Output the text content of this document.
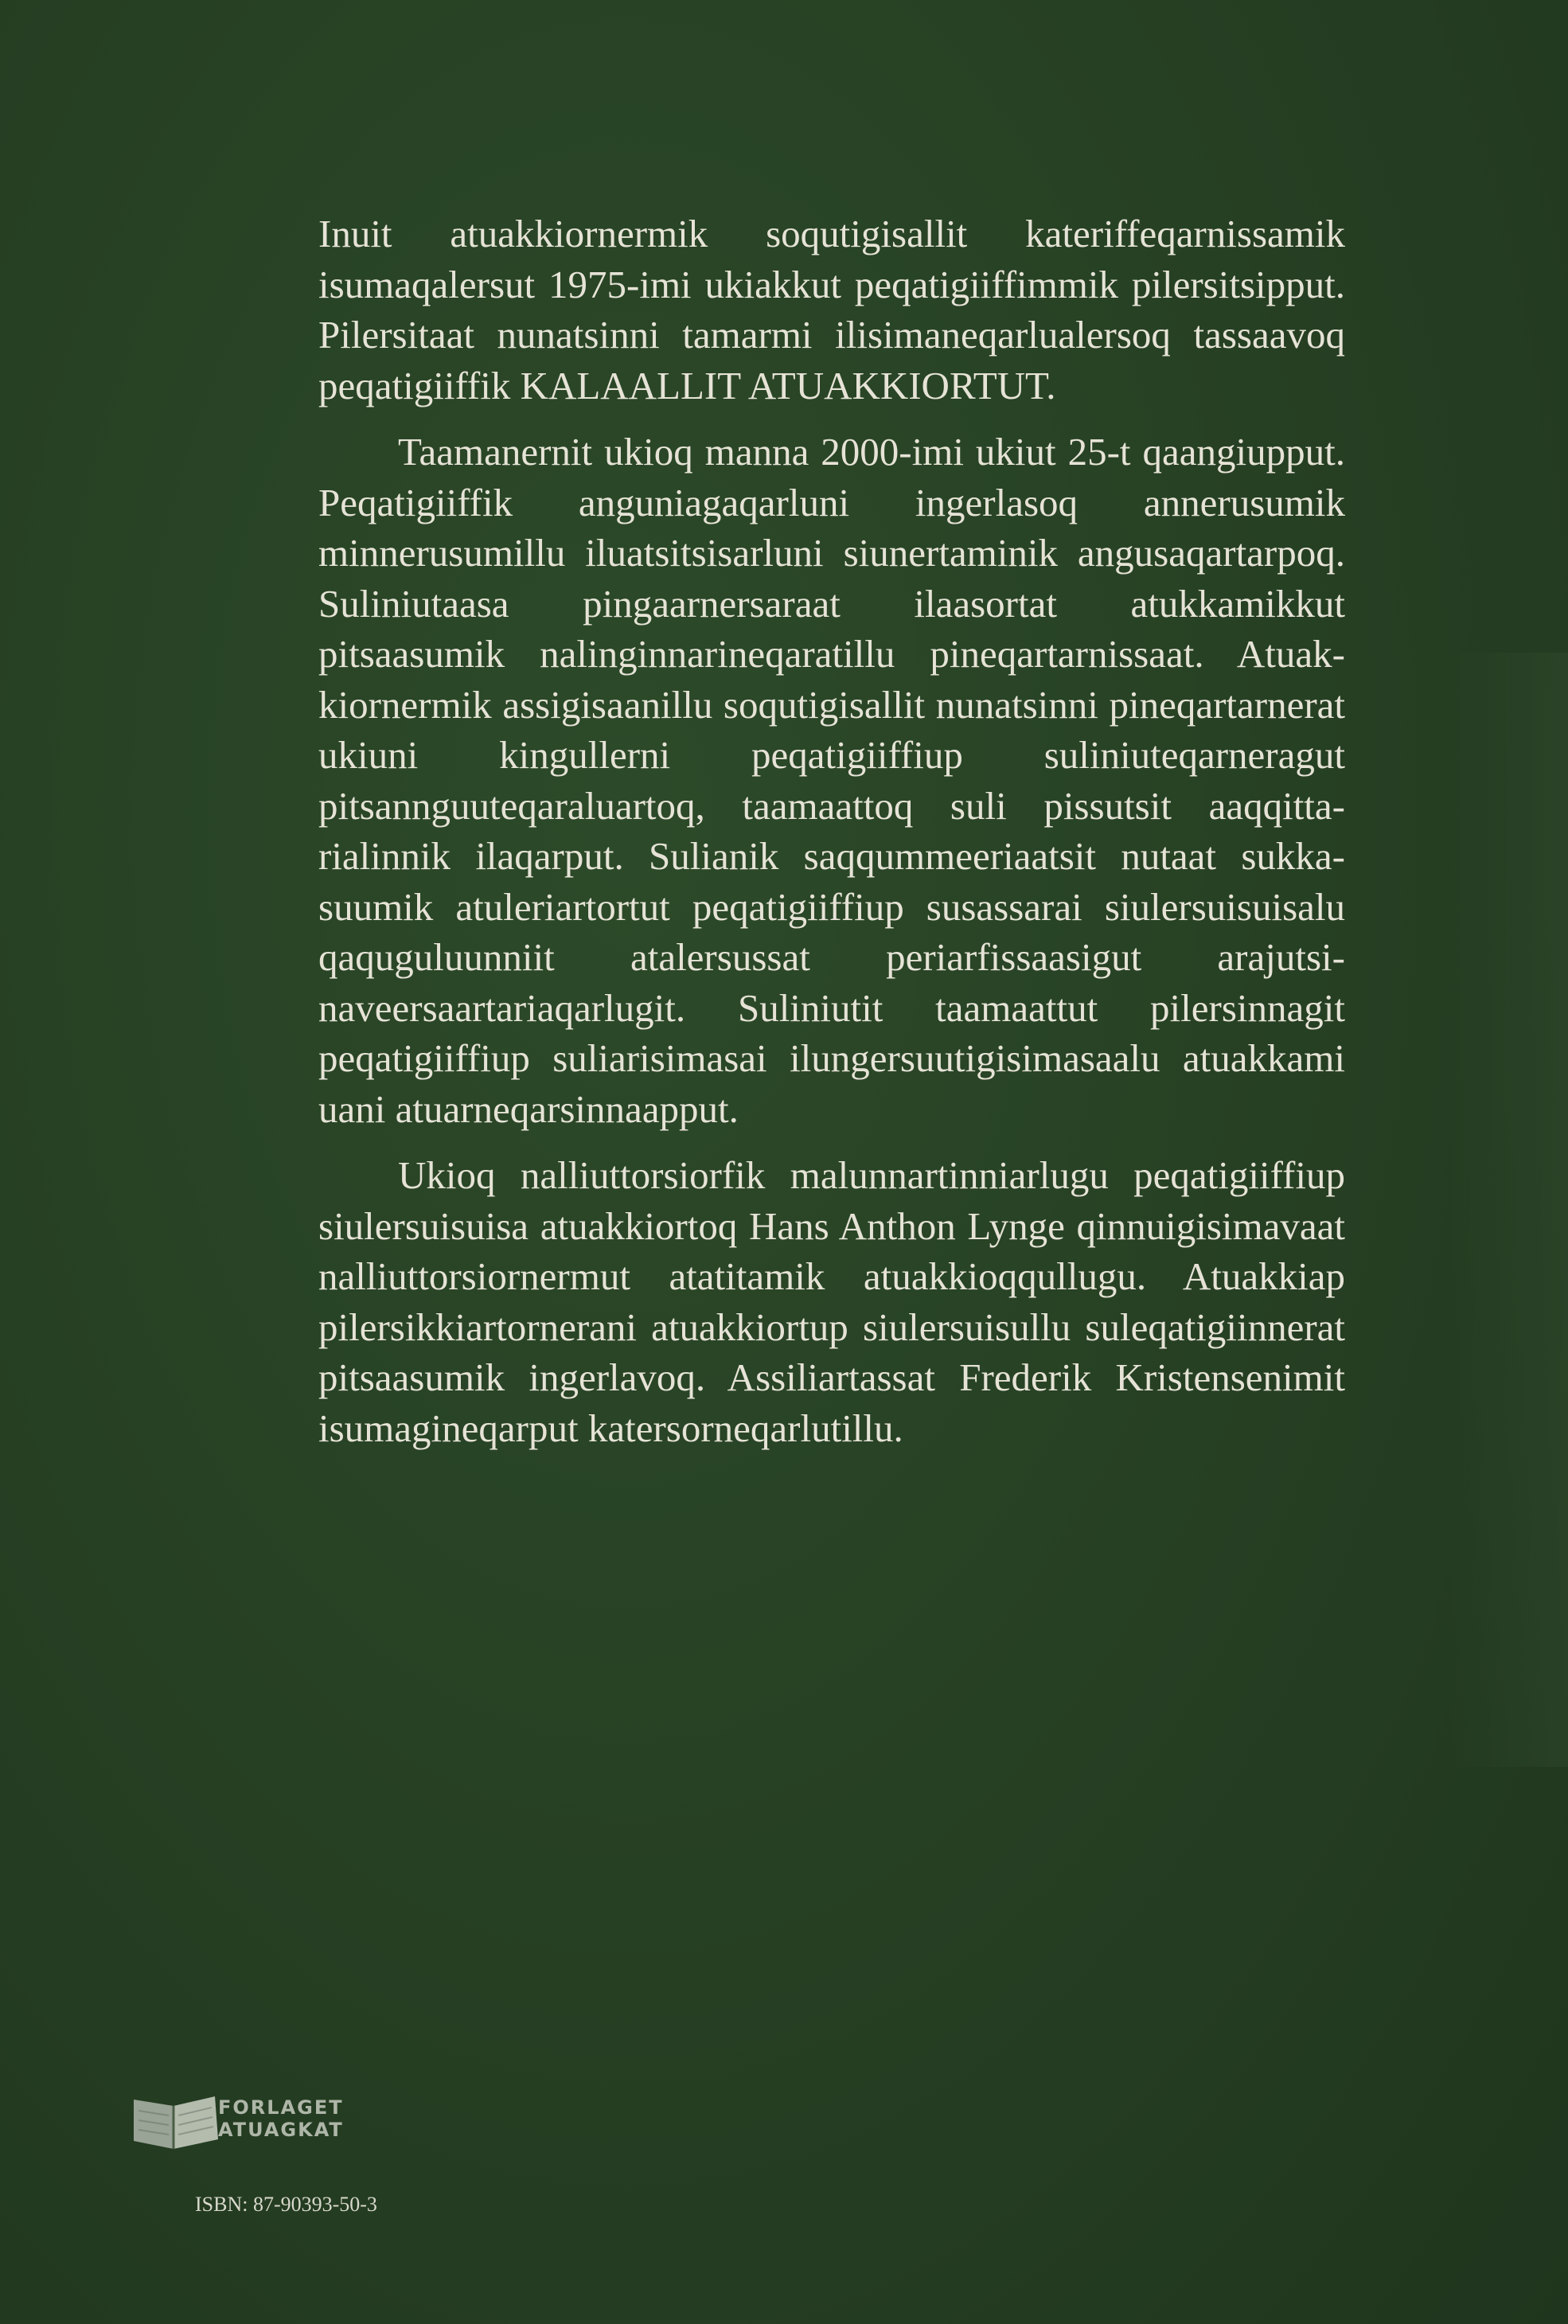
Inuit atuakkiornermik soqutigisallit kateriffeqarnissamik isumaqalersut 1975-imi ukiakkut peqatigiiffimmik pilersitsipput. Pilersitaat nunatsinni tamarmi ilisimaneqarlualersoq tassaavoq peqatigiiffik KALAALLIT ATUAKKIORTUT.

Taamanernit ukioq manna 2000-imi ukiut 25-t qaangiupput. Peqatigiiffik anguniagaqarluni ingerlasoq annerusumik minnerusumillu iluatsitsisarluni siunertaminik angusaqartarpoq. Suliniutaasa pingaarnersaraat ilaasortat atukkamikkut pitsaasumik nalinginnarineqaratillu pineqartarnissaat. Atuakkiornermik assigisaanillu soqutigisallit nunatsinni pineqartarnerat ukiuni kingullerni peqatigiiffiup suliniuteqarneragut pitsannguuteqaraluartoq, taamaattoq suli pissutsit aaqqittarialinnik ilaqarput. Sulianik saqqummeeriaatsit nutaat sukkasuumik atuleriartortut peqatigiiffiup susassarai siulersuisuisalu qaquguluunniit atalersussat periarfissaasigut arajutsinaveersaartariaqarlugit. Suliniutit taamaattut pilersinnagit peqatigiiffiup suliarisimasai ilungersuutigisimasaalu atuakkami uani atuarneqarsinnaapput.

Ukioq nalliuttorsiorfik malunnartinniarlugu peqatigiiffiup siulersuisuisa atuakkiortoq Hans Anthon Lynge qinnuigisimavaat nalliuttorsiornermut atatitamik atuakkioqqullugu. Atuakkiap pilersikkiartornerani atuakkiortup siulersuisullu suleqatigiinnerat pitsaasumik ingerlavoq. Assiliartassat Frederik Kristensenimit isumagineqarput katersorneqarlutillu.

FORLAGET
ATUAGKAT
ISBN: 87-90393-50-3
